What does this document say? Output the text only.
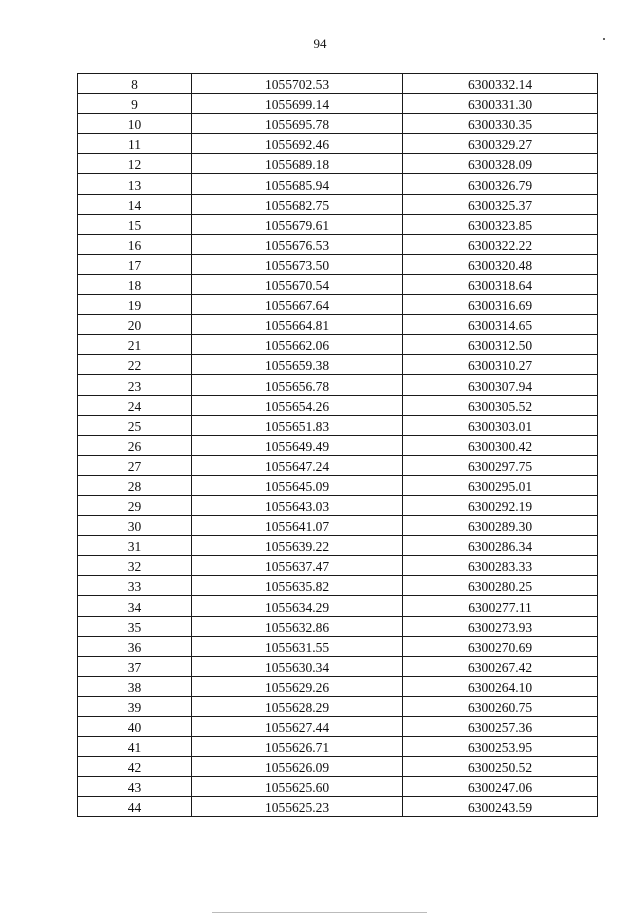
94
8	1055702.53	6300332.14
9	1055699.14	6300331.30
10	1055695.78	6300330.35
11	1055692.46	6300329.27
12	1055689.18	6300328.09
13	1055685.94	6300326.79
14	1055682.75	6300325.37
15	1055679.61	6300323.85
16	1055676.53	6300322.22
17	1055673.50	6300320.48
18	1055670.54	6300318.64
19	1055667.64	6300316.69
20	1055664.81	6300314.65
21	1055662.06	6300312.50
22	1055659.38	6300310.27
23	1055656.78	6300307.94
24	1055654.26	6300305.52
25	1055651.83	6300303.01
26	1055649.49	6300300.42
27	1055647.24	6300297.75
28	1055645.09	6300295.01
29	1055643.03	6300292.19
30	1055641.07	6300289.30
31	1055639.22	6300286.34
32	1055637.47	6300283.33
33	1055635.82	6300280.25
34	1055634.29	6300277.11
35	1055632.86	6300273.93
36	1055631.55	6300270.69
37	1055630.34	6300267.42
38	1055629.26	6300264.10
39	1055628.29	6300260.75
40	1055627.44	6300257.36
41	1055626.71	6300253.95
42	1055626.09	6300250.52
43	1055625.60	6300247.06
44	1055625.23	6300243.59
